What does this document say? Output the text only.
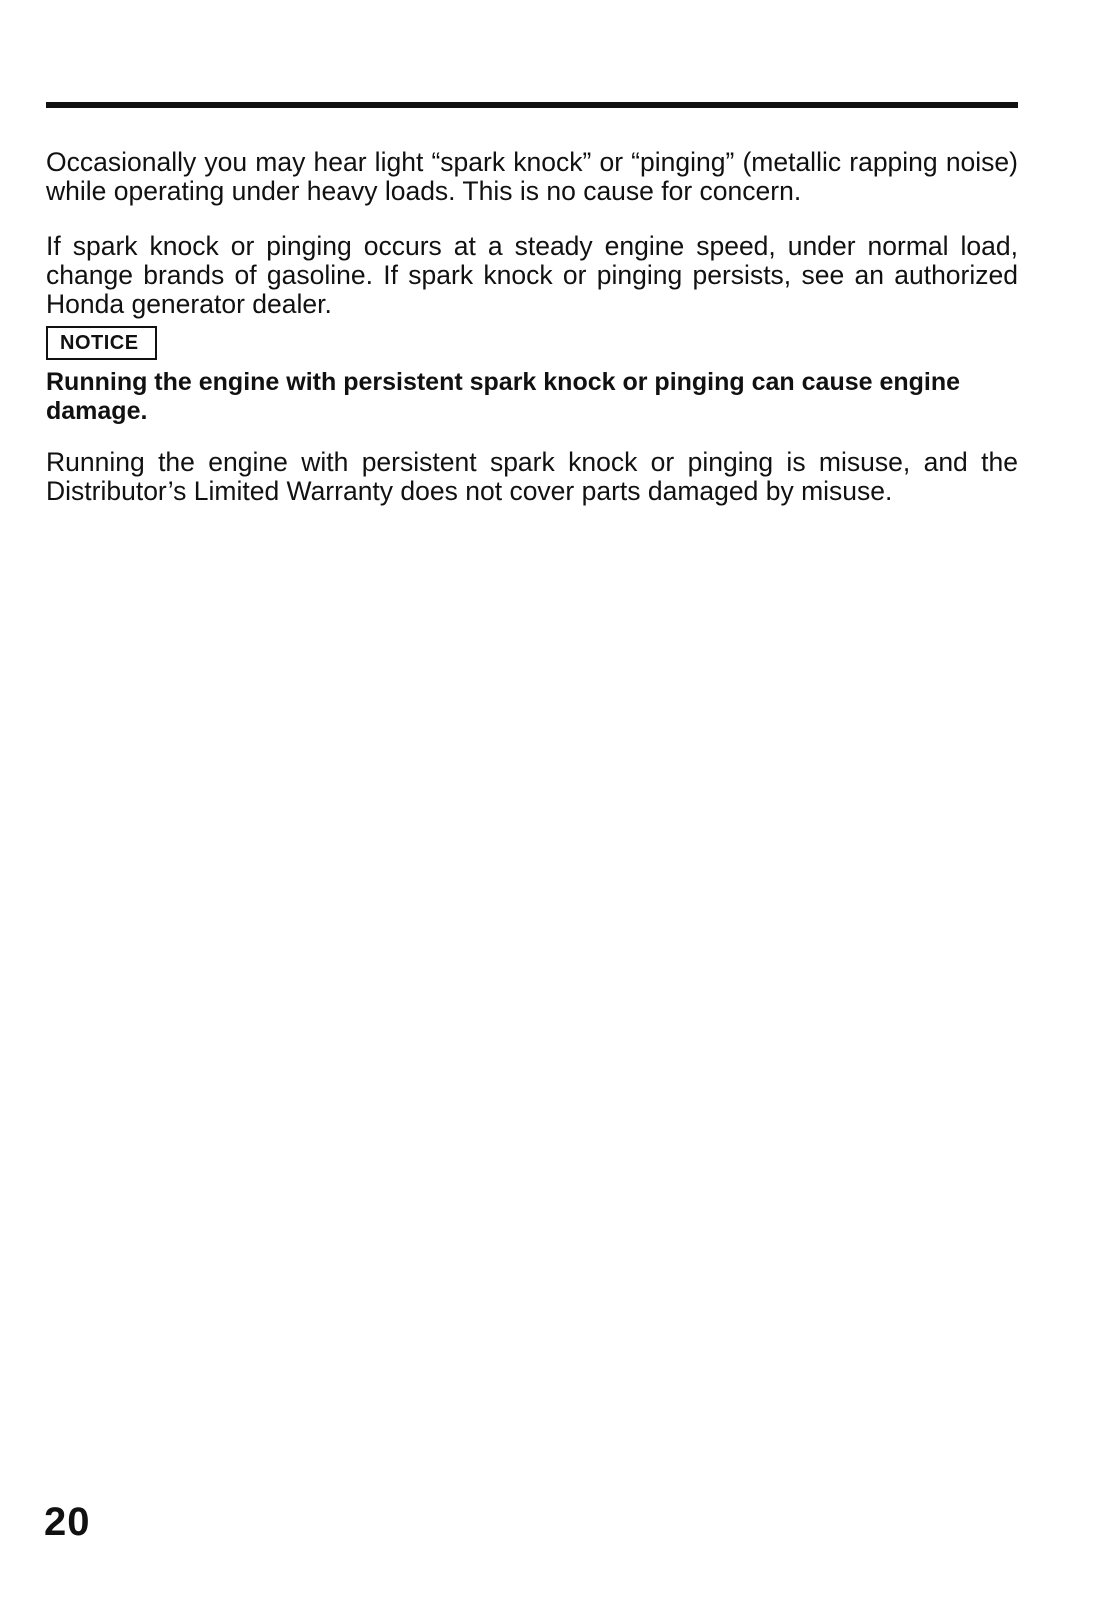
Occasionally you may hear light “spark knock” or “pinging” (metallic rapping noise) while operating under heavy loads. This is no cause for concern.

If spark knock or pinging occurs at a steady engine speed, under normal load, change brands of gasoline. If spark knock or pinging persists, see an authorized Honda generator dealer.

NOTICE

Running the engine with persistent spark knock or pinging can cause engine damage.

Running the engine with persistent spark knock or pinging is misuse, and the Distributor’s Limited Warranty does not cover parts damaged by misuse.

20
